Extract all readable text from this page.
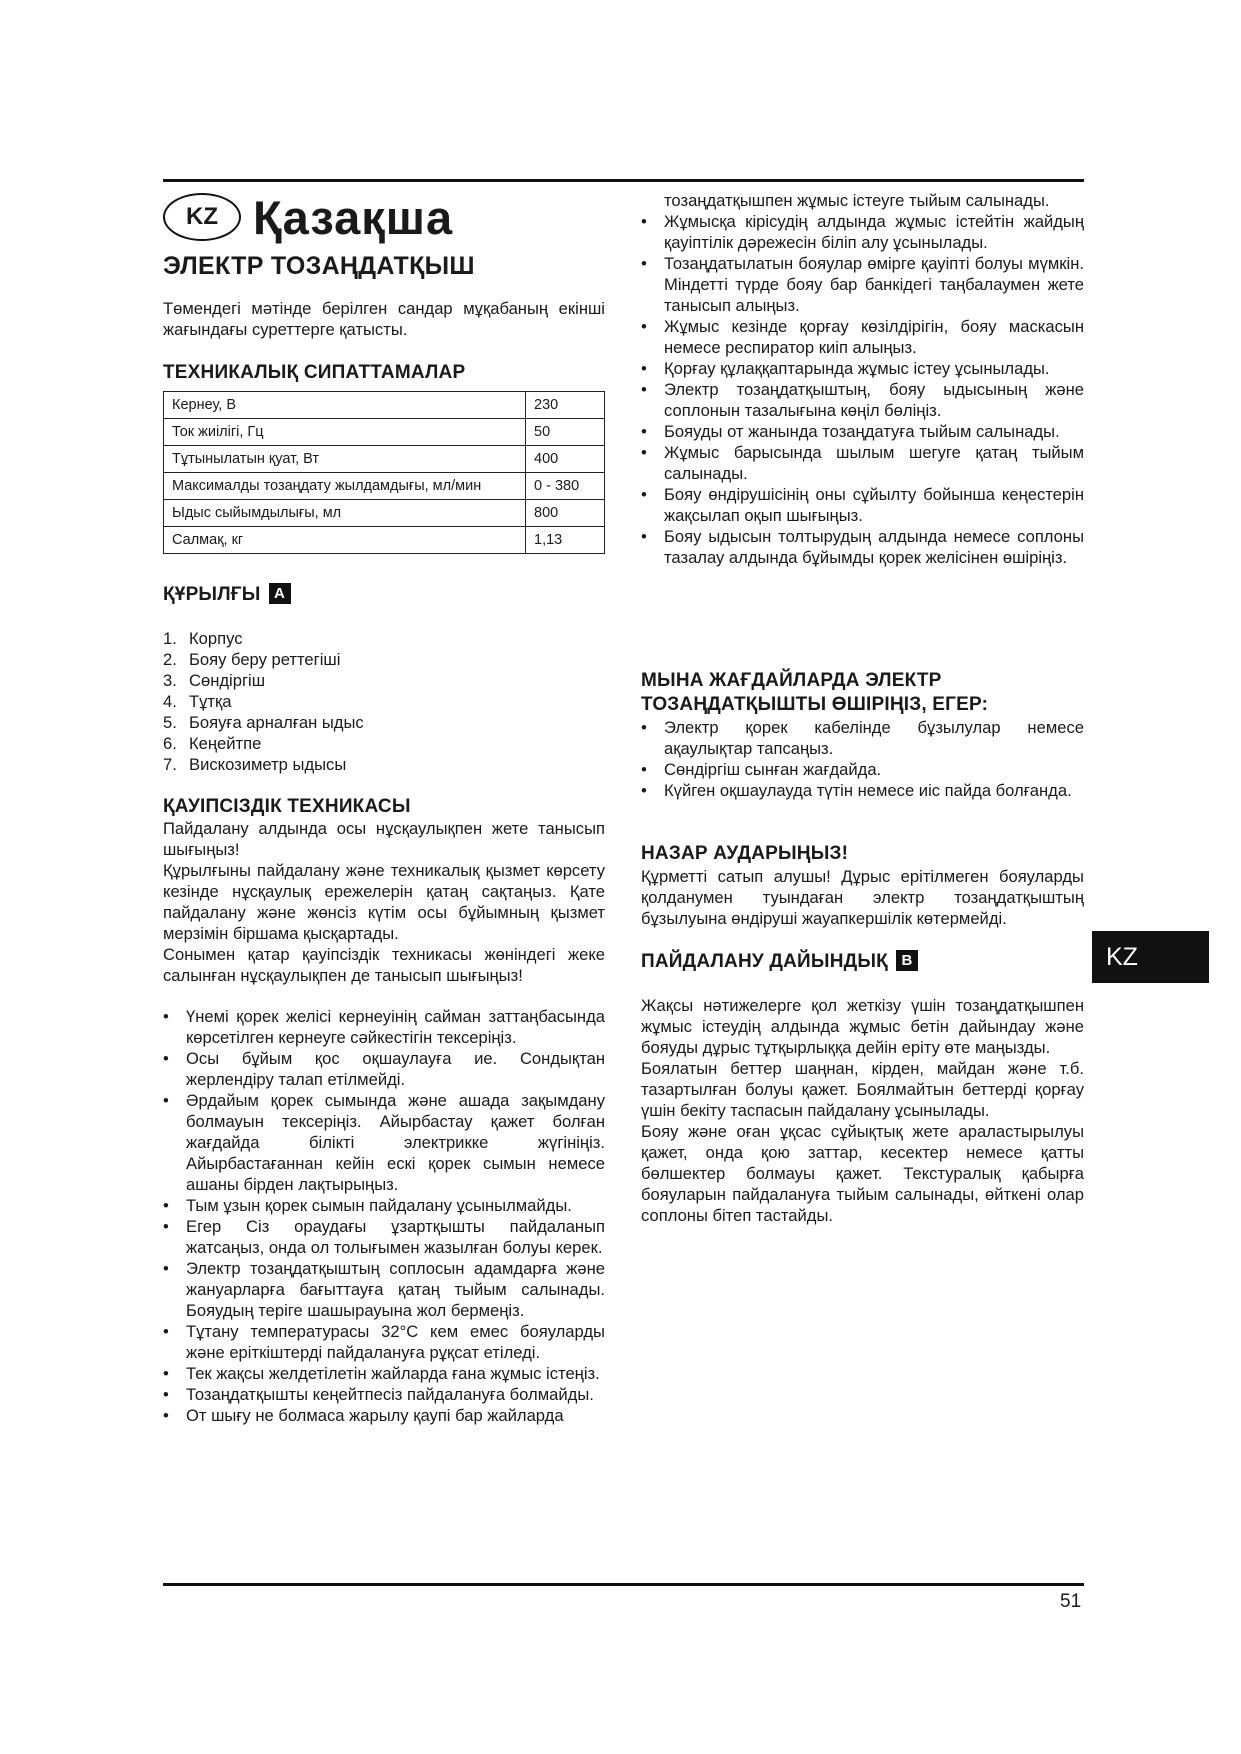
KZ Қазақша
ЭЛЕКТР ТОЗАҢДАТҚЫШ

Төмендегі мәтінде берілген сандар мұқабаның екінші жағындағы суреттерге қатысты.

ТЕХНИКАЛЫҚ СИПАТТАМАЛАР
Кернеу, В	230
Ток жиілігі, Гц	50
Тұтынылатын қуат, Вт	400
Максималды тозаңдату жылдамдығы, мл/мин	0 - 380
Ыдыс сыйымдылығы, мл	800
Салмақ, кг	1,13
ҚҰРЫЛҒЫ A
1. Корпус
2. Бояу беру реттегіші
3. Сөндіргіш
4. Тұтқа
5. Бояуға арналған ыдыс
6. Кеңейтпе
7. Вискозиметр ыдысы
ҚАУІПСІЗДІК ТЕХНИКАСЫ

Пайдалану алдында осы нұсқаулықпен жете танысып шығыңыз!

Құрылғыны пайдалану және техникалық қызмет көрсету кезінде нұсқаулық ережелерін қатаң сақтаңыз. Қате пайдалану және жөнсіз күтім осы бұйымның қызмет мерзімін біршама қысқартады.

Сонымен қатар қауіпсіздік техникасы жөніндегі жеке салынған нұсқаулықпен де танысып шығыңыз!

• Үнемі қорек желісі кернеуінің сайман заттаңбасында көрсетілген кернеуге сәйкестігін тексеріңіз.
• Осы бұйым қос оқшаулауға ие. Сондықтан жерлендіру талап етілмейді.
• Әрдайым қорек сымында және ашада зақымдану болмауын тексеріңіз. Айырбастау қажет болған жағдайда білікті электрикке жүгініңіз. Айырбастағаннан кейін ескі қорек сымын немесе ашаны бірден лақтырыңыз.
• Тым ұзын қорек сымын пайдалану ұсынылмайды.
• Егер Сіз ораудағы ұзартқышты пайдаланып жатсаңыз, онда ол толығымен жазылған болуы керек.
• Электр тозаңдатқыштың соплосын адамдарға және жануарларға бағыттауға қатаң тыйым салынады. Бояудың теріге шашырауына жол бермеңіз.
• Тұтану температурасы 32°С кем емес бояуларды және еріткіштерді пайдалануға рұқсат етіледі.
• Тек жақсы желдетілетін жайларда ғана жұмыс істеңіз.
• Тозаңдатқышты кеңейтпесіз пайдалануға болмайды.
• От шығу не болмаса жарылу қаупі бар жайларда
тозаңдатқышпен жұмыс істеуге тыйым салынады.
• Жұмысқа кірісудің алдында жұмыс істейтін жайдың қауіптілік дәрежесін біліп алу ұсынылады.
• Тозаңдатылатын бояулар өмірге қауіпті болуы мүмкін. Міндетті түрде бояу бар банкідегі таңбалаумен жете танысып алыңыз.
• Жұмыс кезінде қорғау көзілдірігін, бояу маскасын немесе респиратор киіп алыңыз.
• Қорғау құлаққаптарында жұмыс істеу ұсынылады.
• Электр тозаңдатқыштың, бояу ыдысының және соплонын тазалығына көңіл бөліңіз.
• Бояуды от жанында тозаңдатуға тыйым салынады.
• Жұмыс барысында шылым шегуге қатаң тыйым салынады.
• Бояу өндірушісінің оны сұйылту бойынша кеңестерін жақсылап оқып шығыңыз.
• Бояу ыдысын толтырудың алдында немесе соплоны тазалау алдында бұйымды қорек желісінен өшіріңіз.
МЫНА ЖАҒДАЙЛАРДА ЭЛЕКТР
ТОЗАҢДАТҚЫШТЫ ӨШІРІҢІЗ, ЕГЕР:
• Электр қорек кабелінде бұзылулар немесе ақаулықтар тапсаңыз.
• Сөндіргіш сынған жағдайда.
• Күйген оқшаулауда түтін немесе иіс пайда болғанда.
НАЗАР АУДАРЫҢЫЗ!

Құрметті сатып алушы! Дұрыс ерітілмеген бояуларды қолданумен туындаған электр тозаңдатқыштың бұзылуына өндіруші жауапкершілік көтермейді.

ПАЙДАЛАНУ ДАЙЫНДЫҚ B

Жақсы нәтижелерге қол жеткізу үшін тозаңдатқышпен жұмыс істеудің алдында жұмыс бетін дайындау және бояуды дұрыс тұтқырлыққа дейін ерiту өте маңызды.

Боялатын беттер шаңнан, кірден, майдан және т.б. тазартылған болуы қажет. Боялмайтын беттерді қорғау үшін бекіту таспасын пайдалану ұсынылады.

Бояу және оған ұқсас сұйықтық жете араластырылуы қажет, онда қою заттар, кесектер немесе қатты бөлшектер болмауы қажет. Текстуралық қабырға бояуларын пайдалануға тыйым салынады, өйткені олар соплоны бітеп тастайды.

KZ
51
